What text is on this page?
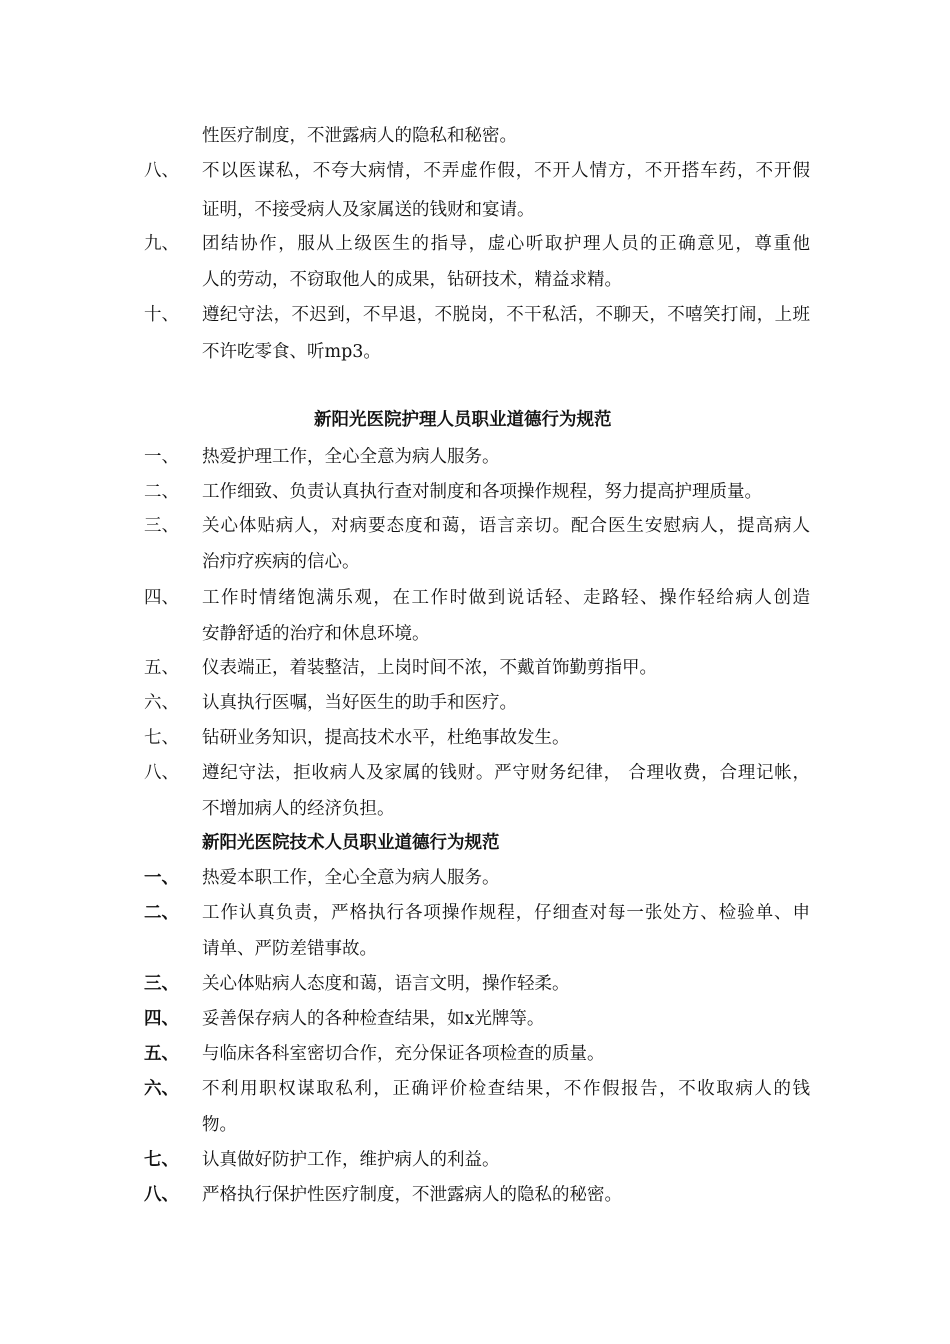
性医疗制度，不泄露病人的隐私和秘密。
八、 不以医谋私，不夸大病情，不弄虚作假，不开人情方，不开搭车药，不开假
证明，不接受病人及家属送的钱财和宴请。
九、 团结协作，服从上级医生的指导，虚心听取护理人员的正确意见，尊重他
人的劳动，不窃取他人的成果，钻研技术，精益求精。
十、 遵纪守法，不迟到，不早退，不脱岗，不干私活，不聊天，不嘻笑打闹，上班
不许吃零食、听mp3。
新阳光医院护理人员职业道德行为规范
一、 热爱护理工作，全心全意为病人服务。
二、 工作细致、负责认真执行查对制度和各项操作规程，努力提高护理质量。
三、 关心体贴病人，对病要态度和蔼，语言亲切。配合医生安慰病人，提高病人
治疖疗疾病的信心。
四、 工作时情绪饱满乐观，在工作时做到说话轻、走路轻、操作轻给病人创造
安静舒适的治疗和休息环境。
五、 仪表端正，着装整洁，上岗时间不浓，不戴首饰勤剪指甲。
六、 认真执行医嘱，当好医生的助手和医疗。
七、 钻研业务知识，提高技术水平，杜绝事故发生。
八、 遵纪守法，拒收病人及家属的钱财。严守财务纪律， 合理收费，合理记帐，
不增加病人的经济负担。
新阳光医院技术人员职业道德行为规范
一、 热爱本职工作，全心全意为病人服务。
二、 工作认真负责，严格执行各项操作规程，仔细查对每一张处方、检验单、申
请单、严防差错事故。
三、 关心体贴病人态度和蔼，语言文明，操作轻柔。
四、 妥善保存病人的各种检查结果，如x光牌等。
五、 与临床各科室密切合作，充分保证各项检查的质量。
六、 不利用职权谋取私利，正确评价检查结果，不作假报告，不收取病人的钱
物。
七、 认真做好防护工作，维护病人的利益。
八、 严格执行保护性医疗制度，不泄露病人的隐私的秘密。
